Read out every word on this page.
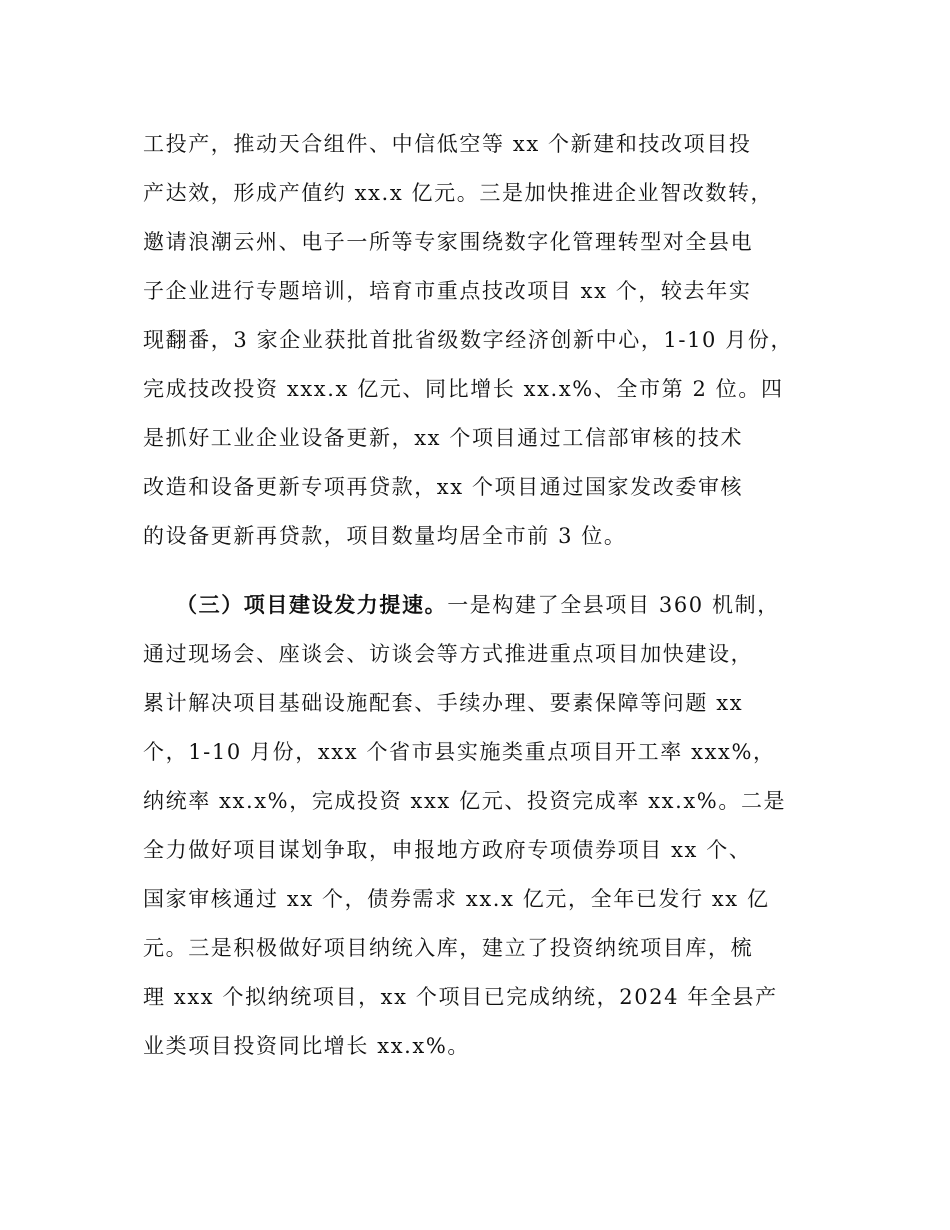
工投产，推动天合组件、中信低空等 xx 个新建和技改项目投
产达效，形成产值约 xx.x 亿元。三是加快推进企业智改数转，
邀请浪潮云州、电子一所等专家围绕数字化管理转型对全县电
子企业进行专题培训，培育市重点技改项目 xx 个，较去年实
现翻番，3 家企业获批首批省级数字经济创新中心，1-10 月份，
完成技改投资 xxx.x 亿元、同比增长 xx.x%、全市第 2 位。四
是抓好工业企业设备更新，xx 个项目通过工信部审核的技术
改造和设备更新专项再贷款，xx 个项目通过国家发改委审核
的设备更新再贷款，项目数量均居全市前 3 位。
（三）项目建设发力提速。一是构建了全县项目 360 机制，
通过现场会、座谈会、访谈会等方式推进重点项目加快建设，
累计解决项目基础设施配套、手续办理、要素保障等问题 xx
个，1-10 月份，xxx 个省市县实施类重点项目开工率 xxx%，
纳统率 xx.x%，完成投资 xxx 亿元、投资完成率 xx.x%。二是
全力做好项目谋划争取，申报地方政府专项债券项目 xx 个、
国家审核通过 xx 个，债券需求 xx.x 亿元，全年已发行 xx 亿
元。三是积极做好项目纳统入库，建立了投资纳统项目库，梳
理 xxx 个拟纳统项目，xx 个项目已完成纳统，2024 年全县产
业类项目投资同比增长 xx.x%。
